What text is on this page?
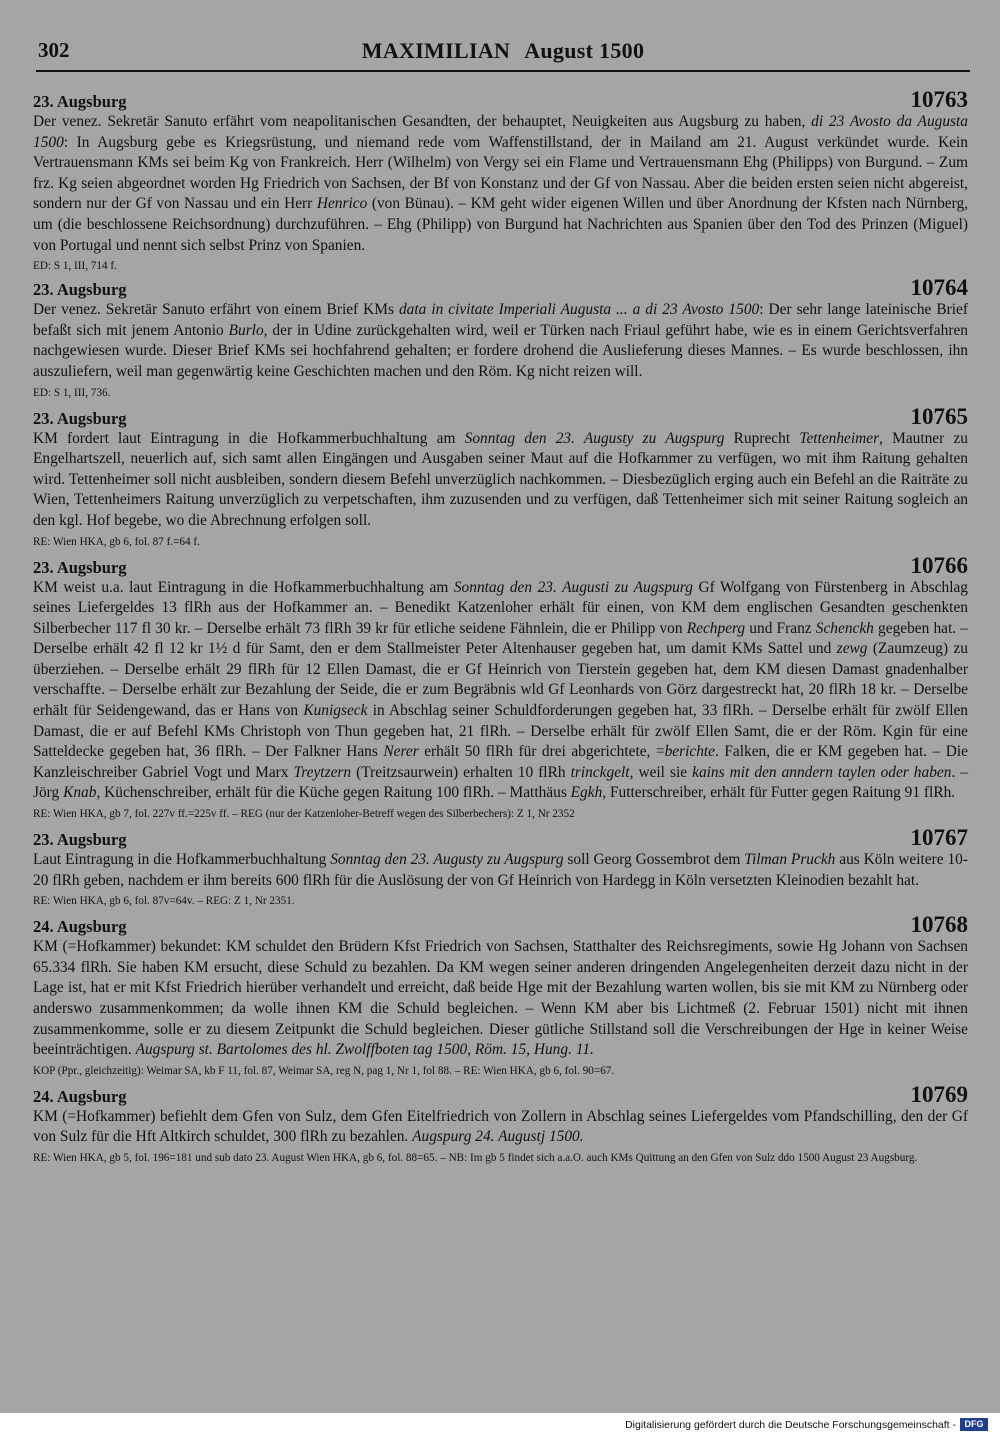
302	MAXIMILIAN August 1500
23. Augsburg	10763

Der venez. Sekretär Sanuto erfährt vom neapolitanischen Gesandten, der behauptet, Neuigkeiten aus Augsburg zu haben, di 23 Avosto da Augusta 1500: In Augsburg gebe es Kriegsrüstung, und niemand rede vom Waffenstillstand, der in Mailand am 21. August verkündet wurde. Kein Vertrauensmann KMs sei beim Kg von Frankreich. Herr (Wilhelm) von Vergy sei ein Flame und Vertrauensmann Ehg (Philipps) von Burgund. – Zum frz. Kg seien abgeordnet worden Hg Friedrich von Sachsen, der Bf von Konstanz und der Gf von Nassau. Aber die beiden ersten seien nicht abgereist, sondern nur der Gf von Nassau und ein Herr Henrico (von Bünau). – KM geht wider eigenen Willen und über Anordnung der Kfsten nach Nürnberg, um (die beschlossene Reichsordnung) durchzuführen. – Ehg (Philipp) von Burgund hat Nachrichten aus Spanien über den Tod des Prinzen (Miguel) von Portugal und nennt sich selbst Prinz von Spanien.

ED: S 1, III, 714 f.

23. Augsburg	10764

Der venez. Sekretär Sanuto erfährt von einem Brief KMs data in civitate Imperiali Augusta ... a di 23 Avosto 1500: Der sehr lange lateinische Brief befaßt sich mit jenem Antonio Burlo, der in Udine zurückgehalten wird, weil er Türken nach Friaul geführt habe, wie es in einem Gerichtsverfahren nachgewiesen wurde. Dieser Brief KMs sei hochfahrend gehalten; er fordere drohend die Auslieferung dieses Mannes. – Es wurde beschlossen, ihn auszuliefern, weil man gegenwärtig keine Geschichten machen und den Röm. Kg nicht reizen will.

ED: S 1, III, 736.

23. Augsburg	10765

KM fordert laut Eintragung in die Hofkammerbuchhaltung am Sonntag den 23. Augusty zu Augspurg Ruprecht Tettenheimer, Mautner zu Engelhartszell, neuerlich auf, sich samt allen Eingängen und Ausgaben seiner Maut auf die Hofkammer zu verfügen, wo mit ihm Raitung gehalten wird. Tettenheimer soll nicht ausbleiben, sondern diesem Befehl unverzüglich nachkommen. – Diesbezüglich erging auch ein Befehl an die Raiträte zu Wien, Tettenheimers Raitung unverzüglich zu verpetschaften, ihm zuzusenden und zu verfügen, daß Tettenheimer sich mit seiner Raitung sogleich an den kgl. Hof begebe, wo die Abrechnung erfolgen soll.

RE: Wien HKA, gb 6, fol. 87 f.=64 f.

23. Augsburg	10766

KM weist u.a. laut Eintragung in die Hofkammerbuchhaltung am Sonntag den 23. Augusti zu Augspurg Gf Wolfgang von Fürstenberg in Abschlag seines Liefergeldes 13 flRh aus der Hofkammer an. – Benedikt Katzenloher erhält für einen, von KM dem englischen Gesandten geschenkten Silberbecher 117 fl 30 kr. – Derselbe erhält 73 flRh 39 kr für etliche seidene Fähnlein, die er Philipp von Rechperg und Franz Schenckh gegeben hat. – Derselbe erhält 42 fl 12 kr 1½ d für Samt, den er dem Stallmeister Peter Altenhauser gegeben hat, um damit KMs Sattel und zewg (Zaumzeug) zu überziehen. – Derselbe erhält 29 flRh für 12 Ellen Damast, die er Gf Heinrich von Tierstein gegeben hat, dem KM diesen Damast gnadenhalber verschaffte. – Derselbe erhält zur Bezahlung der Seide, die er zum Begräbnis wld Gf Leonhards von Görz dargestreckt hat, 20 flRh 18 kr. – Derselbe erhält für Seidengewand, das er Hans von Kunigseck in Abschlag seiner Schuldforderungen gegeben hat, 33 flRh. – Derselbe erhält für zwölf Ellen Damast, die er auf Befehl KMs Christoph von Thun gegeben hat, 21 flRh. – Derselbe erhält für zwölf Ellen Samt, die er der Röm. Kgin für eine Satteldecke gegeben hat, 36 flRh. – Der Falkner Hans Nerer erhält 50 flRh für drei abgerichtete, =berichte. Falken, die er KM gegeben hat. – Die Kanzleischreiber Gabriel Vogt und Marx Treytzern (Treitzsaurwein) erhalten 10 flRh trinckgelt, weil sie kains mit den anndern taylen oder haben. – Jörg Knab, Küchenschreiber, erhält für die Küche gegen Raitung 100 flRh. – Matthäus Egkh, Futterschreiber, erhält für Futter gegen Raitung 91 flRh.

RE: Wien HKA, gb 7, fol. 227v ff.=225v ff. – REG (nur der Katzenloher-Betreff wegen des Silberbechers): Z 1, Nr 2352

23. Augsburg	10767

Laut Eintragung in die Hofkammerbuchhaltung Sonntag den 23. Augusty zu Augspurg soll Georg Gossembrot dem Tilman Pruckh aus Köln weitere 10-20 flRh geben, nachdem er ihm bereits 600 flRh für die Auslösung der von Gf Heinrich von Hardegg in Köln versetzten Kleinodien bezahlt hat.

RE: Wien HKA, gb 6, fol. 87v=64v. – REG: Z 1, Nr 2351.

24. Augsburg	10768

KM (=Hofkammer) bekundet: KM schuldet den Brüdern Kfst Friedrich von Sachsen, Statthalter des Reichsregiments, sowie Hg Johann von Sachsen 65.334 flRh. Sie haben KM ersucht, diese Schuld zu bezahlen. Da KM wegen seiner anderen dringenden Angelegenheiten derzeit dazu nicht in der Lage ist, hat er mit Kfst Friedrich hierüber verhandelt und erreicht, daß beide Hge mit der Bezahlung warten wollen, bis sie mit KM zu Nürnberg oder anderswo zusammenkommen; da wolle ihnen KM die Schuld begleichen. – Wenn KM aber bis Lichtmeß (2. Februar 1501) nicht mit ihnen zusammenkomme, solle er zu diesem Zeitpunkt die Schuld begleichen. Dieser gütliche Stillstand soll die Verschreibungen der Hge in keiner Weise beeinträchtigen. Augspurg st. Bartolomes des hl. Zwolffboten tag 1500, Röm. 15, Hung. 11.

KOP (Ppr., gleichzeitig): Weimar SA, kb F 11, fol. 87, Weimar SA, reg N, pag 1, Nr 1, fol 88. – RE: Wien HKA, gb 6, fol. 90=67.

24. Augsburg	10769

KM (=Hofkammer) befiehlt dem Gfen von Sulz, dem Gfen Eitelfriedrich von Zollern in Abschlag seines Liefergeldes vom Pfandschilling, den der Gf von Sulz für die Hft Altkirch schuldet, 300 flRh zu bezahlen. Augspurg 24. Augustj 1500.

RE: Wien HKA, gb 5, fol. 196=181 und sub dato 23. August Wien HKA, gb 6, fol. 88=65. – NB: Im gb 5 findet sich a.a.O. auch KMs Quittung an den Gfen von Sulz ddo 1500 August 23 Augsburg.

Digitalisierung gefördert durch die Deutsche Forschungsgemeinschaft - DFG
